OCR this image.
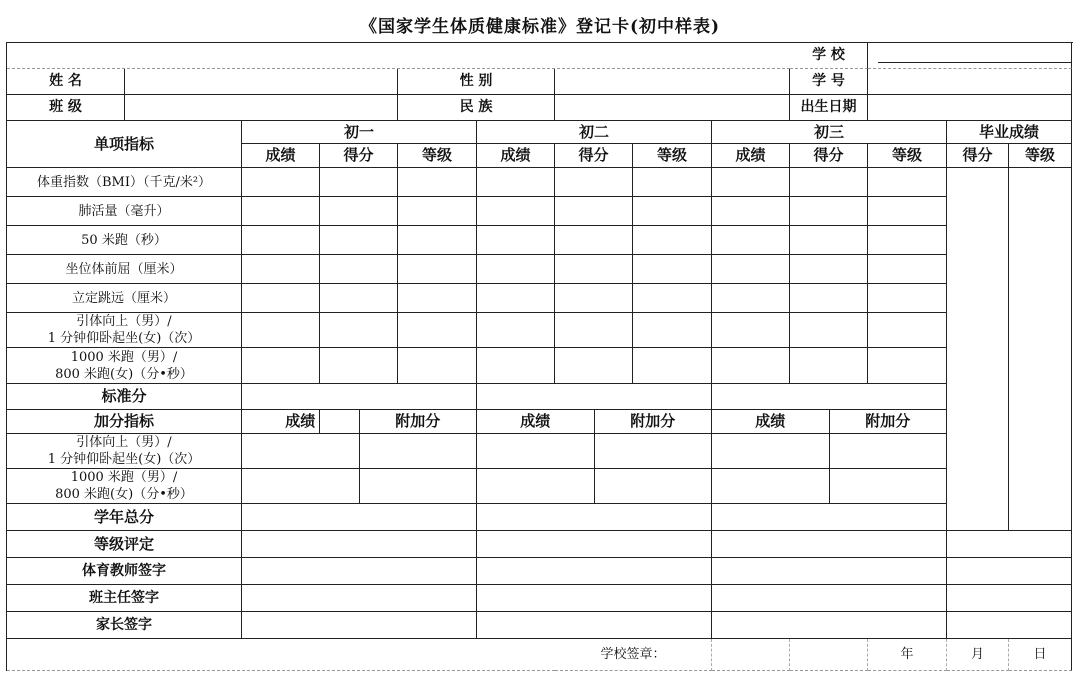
《国家学生体质健康标准》登记卡(初中样表)
学 校
姓 名	性 别	学 号
班 级	民 族	出生日期
单项指标
初一	初二	初三	毕业成绩
成绩	得分	等级	成绩	得分	等级	成绩	得分	等级	得分	等级
体重指数（BMI）（千克/米²）
肺活量（毫升）
50 米跑（秒）
坐位体前屈（厘米）
立定跳远（厘米）
引体向上（男）/
1 分钟仰卧起坐(女)（次）
1000 米跑（男）/
800 米跑(女)（分•秒）
标准分
加分指标	成绩	附加分	成绩	附加分	成绩	附加分
引体向上（男）/
1 分钟仰卧起坐(女)（次）
1000 米跑（男）/
800 米跑(女)（分•秒）
学年总分
等级评定
体育教师签字
班主任签字
家长签字
学校签章：	年	月	日
